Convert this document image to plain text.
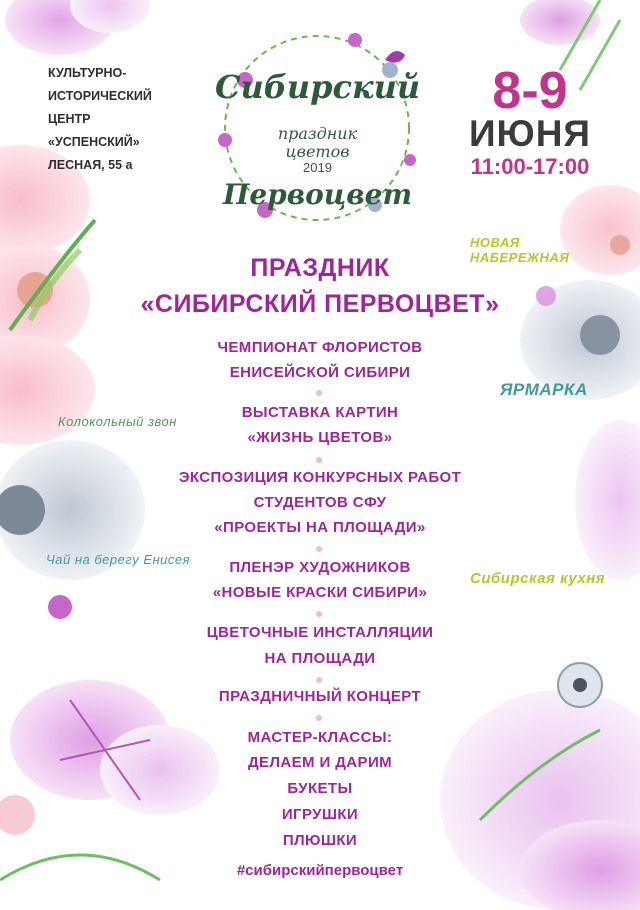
КУЛЬТУРНО-
ИСТОРИЧЕСКИЙ
ЦЕНТР
«УСПЕНСКИЙ»
ЛЕСНАЯ, 55 а
Сибирский
праздник
цветов
2019
Первоцвет
8-9
ИЮНЯ
11:00-17:00
ПРАЗДНИК
«СИБИРСКИЙ ПЕРВОЦВЕТ»
ЧЕМПИОНАТ ФЛОРИСТОВ
ЕНИСЕЙСКОЙ СИБИРИ
ВЫСТАВКА КАРТИН
«ЖИЗНЬ ЦВЕТОВ»
ЭКСПОЗИЦИЯ КОНКУРСНЫХ РАБОТ
СТУДЕНТОВ СФУ
«ПРОЕКТЫ НА ПЛОЩАДИ»
ПЛЕНЭР ХУДОЖНИКОВ
«НОВЫЕ КРАСКИ СИБИРИ»
ЦВЕТОЧНЫЕ ИНСТАЛЛЯЦИИ
НА ПЛОЩАДИ
ПРАЗДНИЧНЫЙ КОНЦЕРТ
МАСТЕР-КЛАССЫ:
ДЕЛАЕМ И ДАРИМ
БУКЕТЫ
ИГРУШКИ
ПЛЮШКИ
НОВАЯ НАБЕРЕЖНАЯ
ЯРМАРКА
Колокольный звон
Чай на берегу Енисея
Сибирская кухня
#сибирскийпервоцвет
